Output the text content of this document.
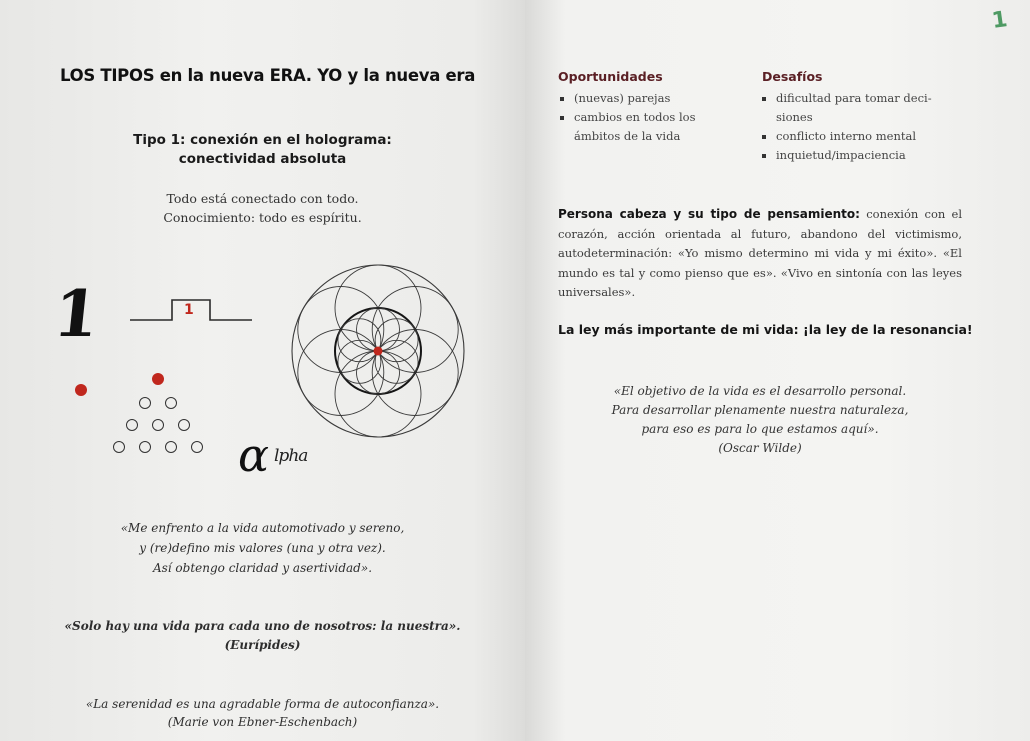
LOS TIPOS en la nueva ERA. YO y la nueva era
Tipo 1: conexión en el holograma:
conectividad absoluta
Todo está conectado con todo.
Conocimiento: todo es espíritu.
1	1
α lpha
«Me enfrento a la vida automotivado y sereno,
y (re)defino mis valores (una y otra vez).
Así obtengo claridad y asertividad».
«Solo hay una vida para cada uno de nosotros: la nuestra».
(Eurípides)
«La serenidad es una agradable forma de autoconfianza».
(Marie von Ebner-Eschenbach)
1
Oportunidades
(nuevas) parejas
cambios en todos los
ámbitos de la vida
Desafíos
dificultad para tomar deci-
siones
conflicto interno mental
inquietud/impaciencia
Persona cabeza y su tipo de pensamiento: conexión con el corazón, acción orientada al futuro, abandono del victimismo, autodeterminación: «Yo mismo determino mi vida y mi éxito». «El mundo es tal y como pienso que es». «Vivo en sintonía con las leyes universales».
La ley más importante de mi vida: ¡la ley de la resonancia!
«El objetivo de la vida es el desarrollo personal.
Para desarrollar plenamente nuestra naturaleza,
para eso es para lo que estamos aquí».
(Oscar Wilde)
